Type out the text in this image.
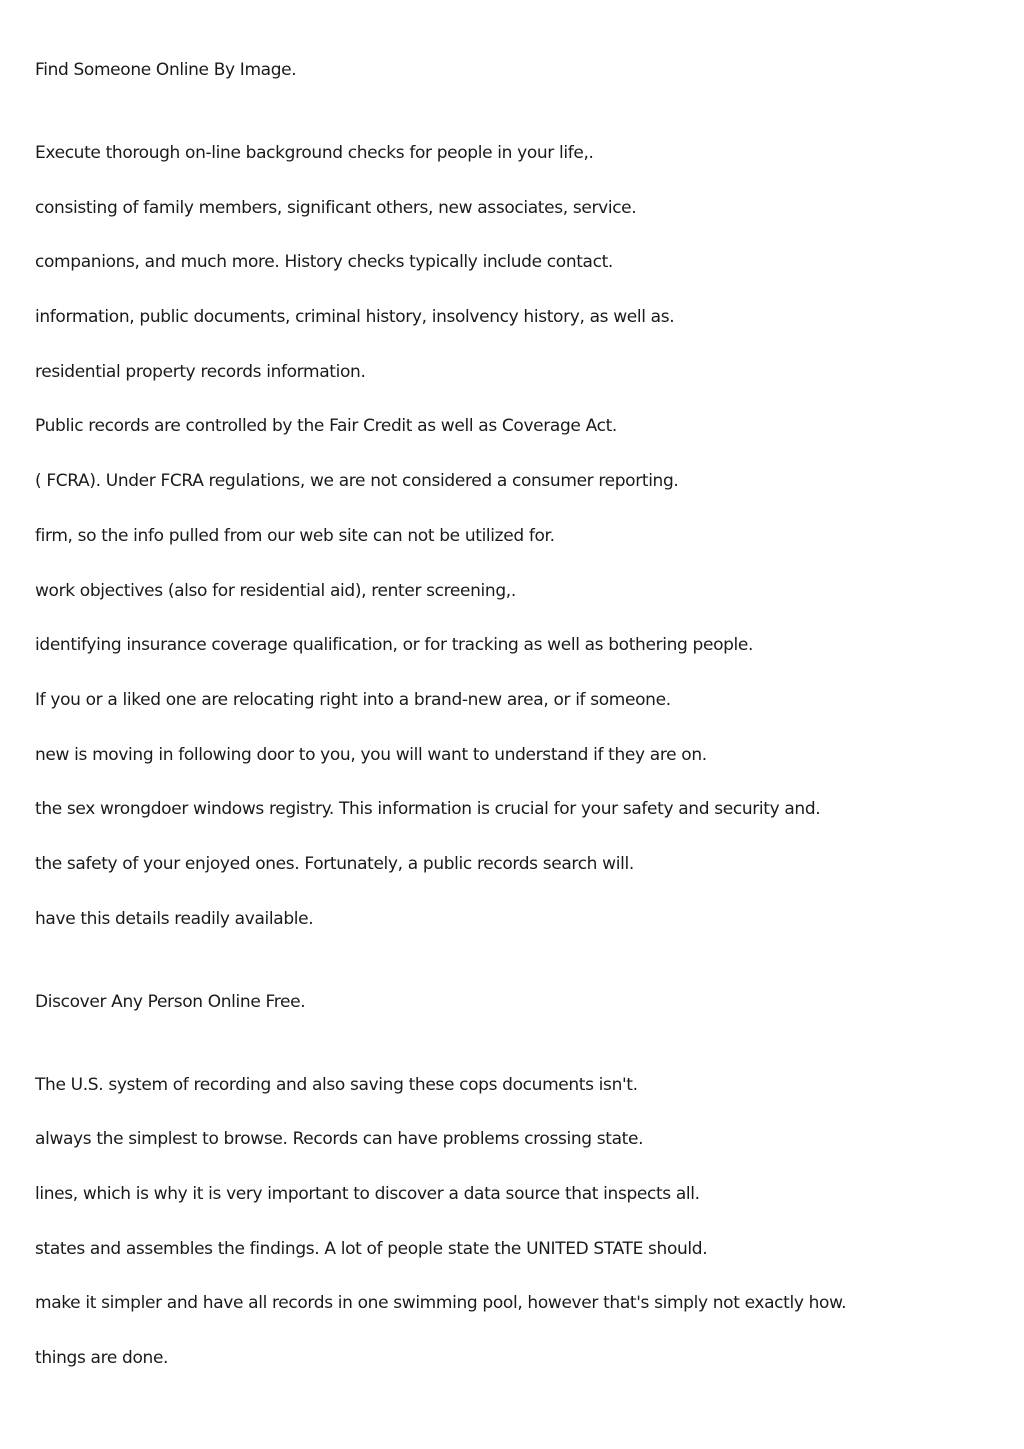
Find Someone Online By Image.

Execute thorough on-line background checks for people in your life,.

consisting of family members, significant others, new associates, service.

companions, and much more. History checks typically include contact.

information, public documents, criminal history, insolvency history, as well as.

residential property records information.

Public records are controlled by the Fair Credit as well as Coverage Act.

( FCRA). Under FCRA regulations, we are not considered a consumer reporting.

firm, so the info pulled from our web site can not be utilized for.

work objectives (also for residential aid), renter screening,.

identifying insurance coverage qualification, or for tracking as well as bothering people.

If you or a liked one are relocating right into a brand-new area, or if someone.

new is moving in following door to you, you will want to understand if they are on.

the sex wrongdoer windows registry. This information is crucial for your safety and security and.

the safety of your enjoyed ones. Fortunately, a public records search will.

have this details readily available.

Discover Any Person Online Free.

The U.S. system of recording and also saving these cops documents isn't.

always the simplest to browse. Records can have problems crossing state.

lines, which is why it is very important to discover a data source that inspects all.

states and assembles the findings. A lot of people state the UNITED STATE should.

make it simpler and have all records in one swimming pool, however that's simply not exactly how.

things are done.
